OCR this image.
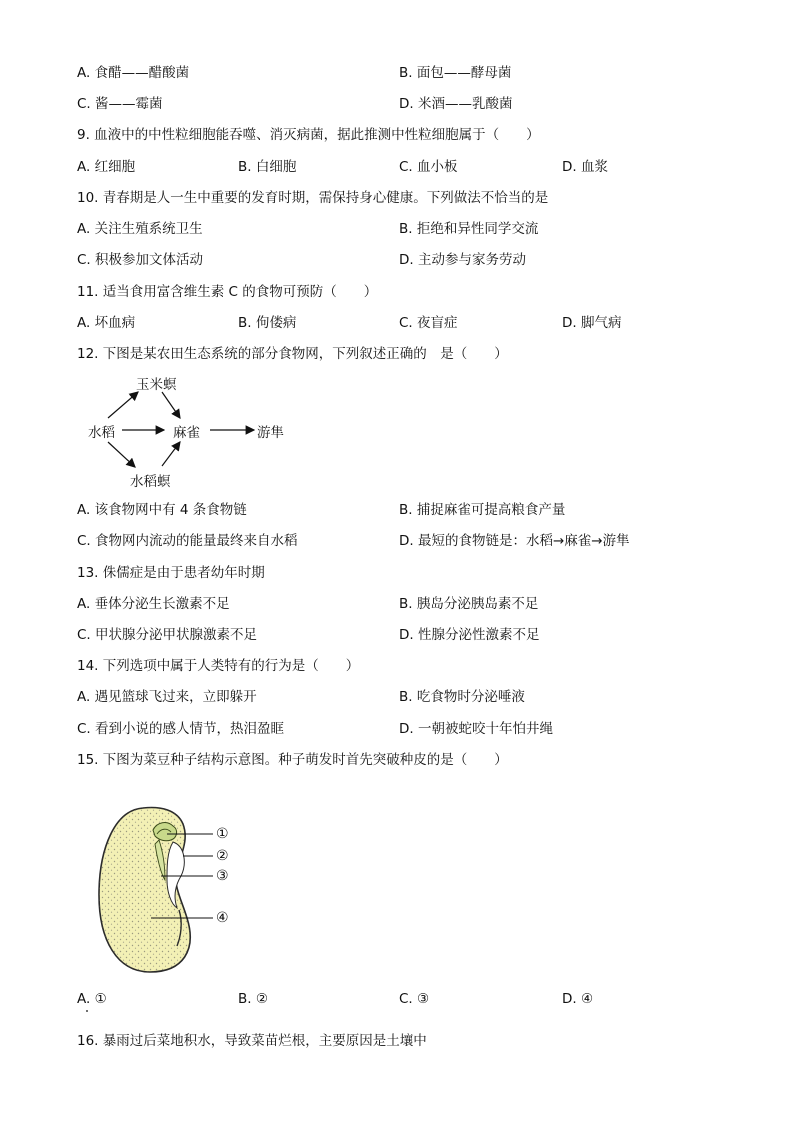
A. 食醋——醋酸菌	B. 面包——酵母菌
C. 酱——霉菌	D. 米酒——乳酸菌
9. 血液中的中性粒细胞能吞噬、消灭病菌，据此推测中性粒细胞属于（　　）
A. 红细胞	B. 白细胞	C. 血小板	D. 血浆
10. 青春期是人一生中重要的发育时期，需保持身心健康。下列做法不恰当的是
A. 关注生殖系统卫生	B. 拒绝和异性同学交流
C. 积极参加文体活动	D. 主动参与家务劳动
11. 适当食用富含维生素 C 的食物可预防（　　）
A. 坏血病	B. 佝偻病	C. 夜盲症	D. 脚气病
12. 下图是某农田生态系统的部分食物网，下列叙述正确的　是（　　）
水稻
玉米螟
麻雀	游隼
水稻螟
A. 该食物网中有 4 条食物链	B. 捕捉麻雀可提高粮食产量
C. 食物网内流动的能量最终来自水稻	D. 最短的食物链是：水稻→麻雀→游隼
13. 侏儒症是由于患者幼年时期
A. 垂体分泌生长激素不足	B. 胰岛分泌胰岛素不足
C. 甲状腺分泌甲状腺激素不足	D. 性腺分泌性激素不足
14. 下列选项中属于人类特有的行为是（　　）
A. 遇见篮球飞过来，立即躲开	B. 吃食物时分泌唾液
C. 看到小说的感人情节，热泪盈眶	D. 一朝被蛇咬十年怕井绳
15. 下图为菜豆种子结构示意图。种子萌发时首先突破种皮的是（　　）
①
②
③
④
A. ①	B. ②	C. ③	D. ④
16. 暴雨过后菜地积水，导致菜苗烂根，主要原因是土壤中
